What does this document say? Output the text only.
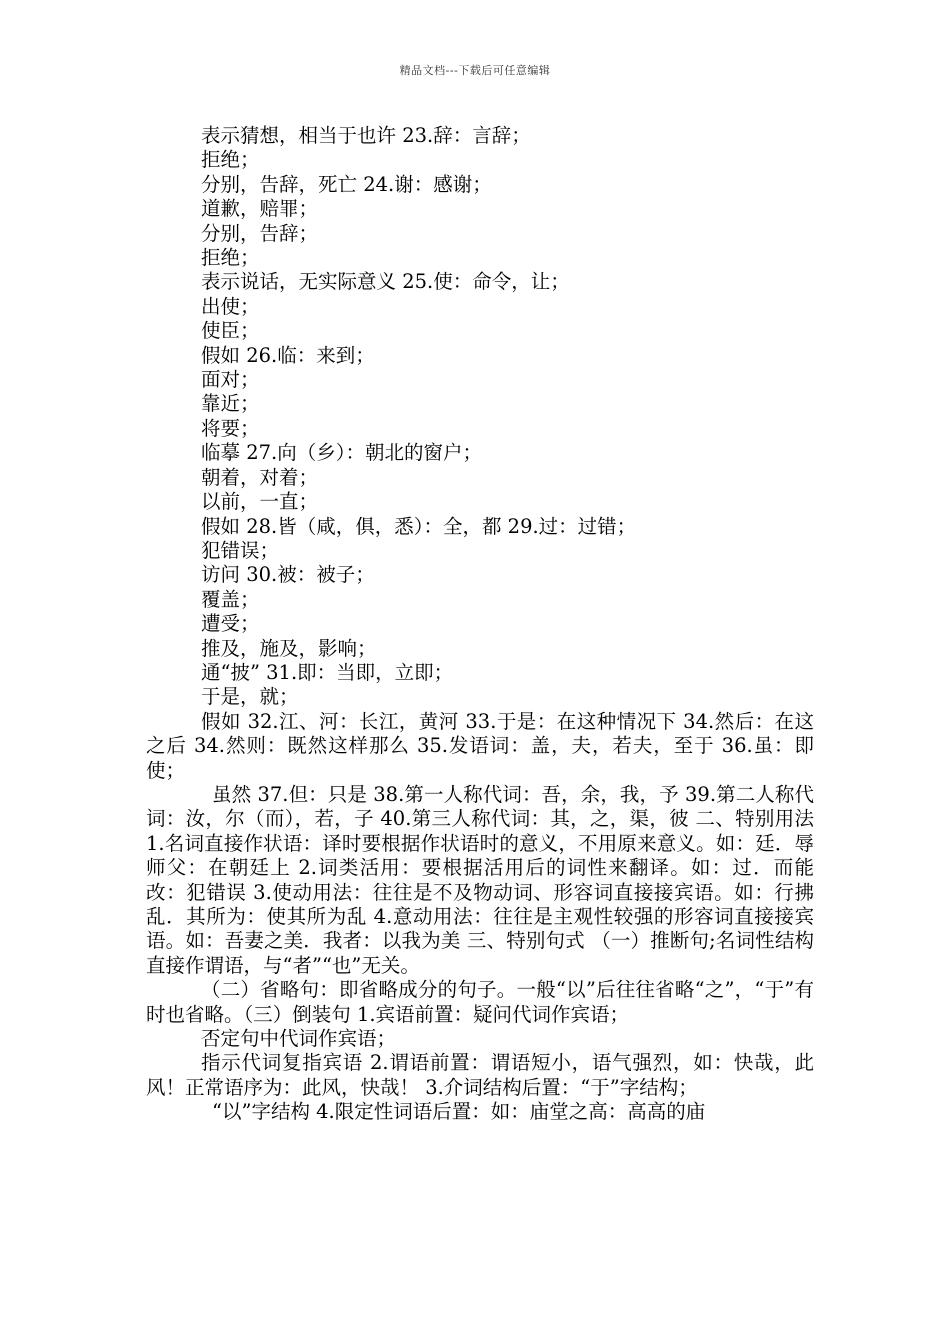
精品文档---下载后可任意编辑
表示猜想，相当于也许 23.辞：言辞；
拒绝；
分别，告辞，死亡 24.谢：感谢；
道歉，赔罪；
分别，告辞；
拒绝；
表示说话，无实际意义 25.使：命令，让；
出使；
使臣；
假如 26.临：来到；
面对；
靠近；
将要；
临摹 27.向（乡）：朝北的窗户；
朝着，对着；
以前，一直；
假如 28.皆（咸，俱，悉）：全，都 29.过：过错；
犯错误；
访问 30.被：被子；
覆盖；
遭受；
推及，施及，影响；
通“披” 31.即：当即，立即；
于是，就；
假如 32.江、河：长江，黄河 33.于是：在这种情况下 34.然后：在这之后 34.然则：既然这样那么 35.发语词：盖，夫，若夫，至于 36.虽：即使；
虽然 37.但：只是 38.第一人称代词：吾，余，我，予 39.第二人称代词：汝，尔（而），若，子 40.第三人称代词：其，之，渠，彼 二、特别用法 1.名词直接作状语：译时要根据作状语时的意义，不用原来意义。如：廷．辱师父：在朝廷上 2.词类活用：要根据活用后的词性来翻译。如：过．而能改：犯错误 3.使动用法：往往是不及物动词、形容词直接接宾语。如：行拂乱．其所为：使其所为乱 4.意动用法：往往是主观性较强的形容词直接接宾语。如：吾妻之美．我者：以我为美 三、特别句式 （一）推断句;名词性结构直接作谓语，与“者”“也”无关。
（二）省略句：即省略成分的句子。一般“以”后往往省略“之”，“于”有时也省略。（三）倒装句 1.宾语前置：疑问代词作宾语；
否定句中代词作宾语；
指示代词复指宾语 2.谓语前置：谓语短小，语气强烈，如：快哉，此风！正常语序为：此风，快哉！ 3.介词结构后置：“于”字结构；
“以”字结构 4.限定性词语后置：如：庙堂之高：高高的庙
